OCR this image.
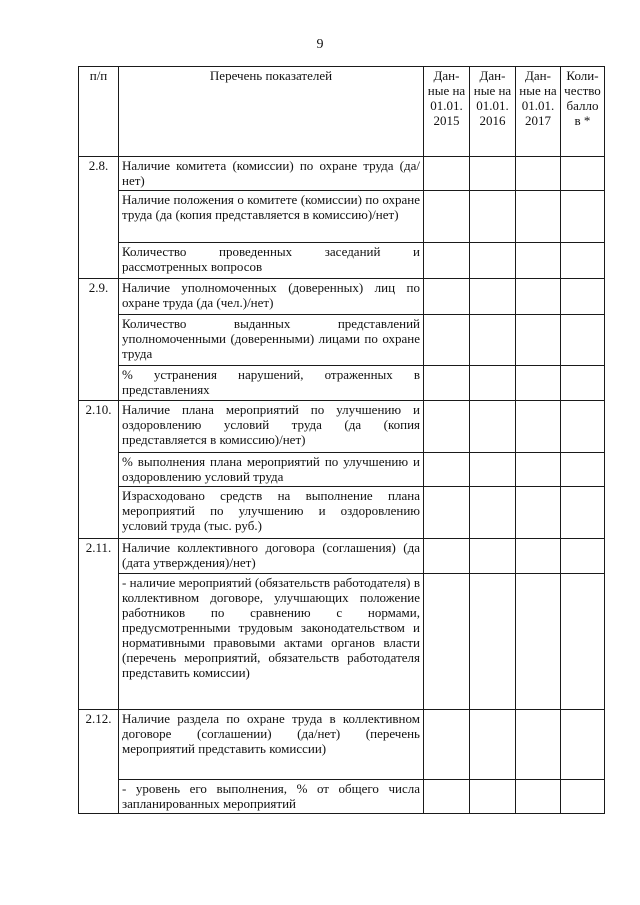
9
п/п	Перечень показателей	Дан-ные на 01.01. 2015	Дан-ные на 01.01. 2016	Дан-ные на 01.01. 2017	Коли-чество баллов *
2.8.	Наличие комитета (комиссии) по охране труда (да/нет)				
	Наличие положения о комитете (комиссии) по охране труда (да (копия представляется в комиссию)/нет)				
	Количество проведенных заседаний и рассмотренных вопросов				
2.9.	Наличие уполномоченных (доверенных) лиц по охране труда (да (чел.)/нет)				
	Количество выданных представлений уполномоченными (доверенными) лицами по охране труда				
	% устранения нарушений, отраженных в представлениях				
2.10.	Наличие плана мероприятий по улучшению и оздоровлению условий труда (да (копия представляется в комиссию)/нет)				
	% выполнения плана мероприятий по улучшению и оздоровлению условий труда				
	Израсходовано средств на выполнение плана мероприятий по улучшению и оздоровлению условий труда (тыс. руб.)				
2.11.	Наличие коллективного договора (соглашения) (да (дата утверждения)/нет)				
	- наличие мероприятий (обязательств работодателя) в коллективном договоре, улучшающих положение работников по сравнению с нормами, предусмотренными трудовым законодательством и нормативными правовыми актами органов власти (перечень мероприятий, обязательств работодателя представить комиссии)				
2.12.	Наличие раздела по охране труда в коллективном договоре (соглашении) (да/нет) (перечень мероприятий представить комиссии)				
	- уровень его выполнения, % от общего числа запланированных мероприятий				
